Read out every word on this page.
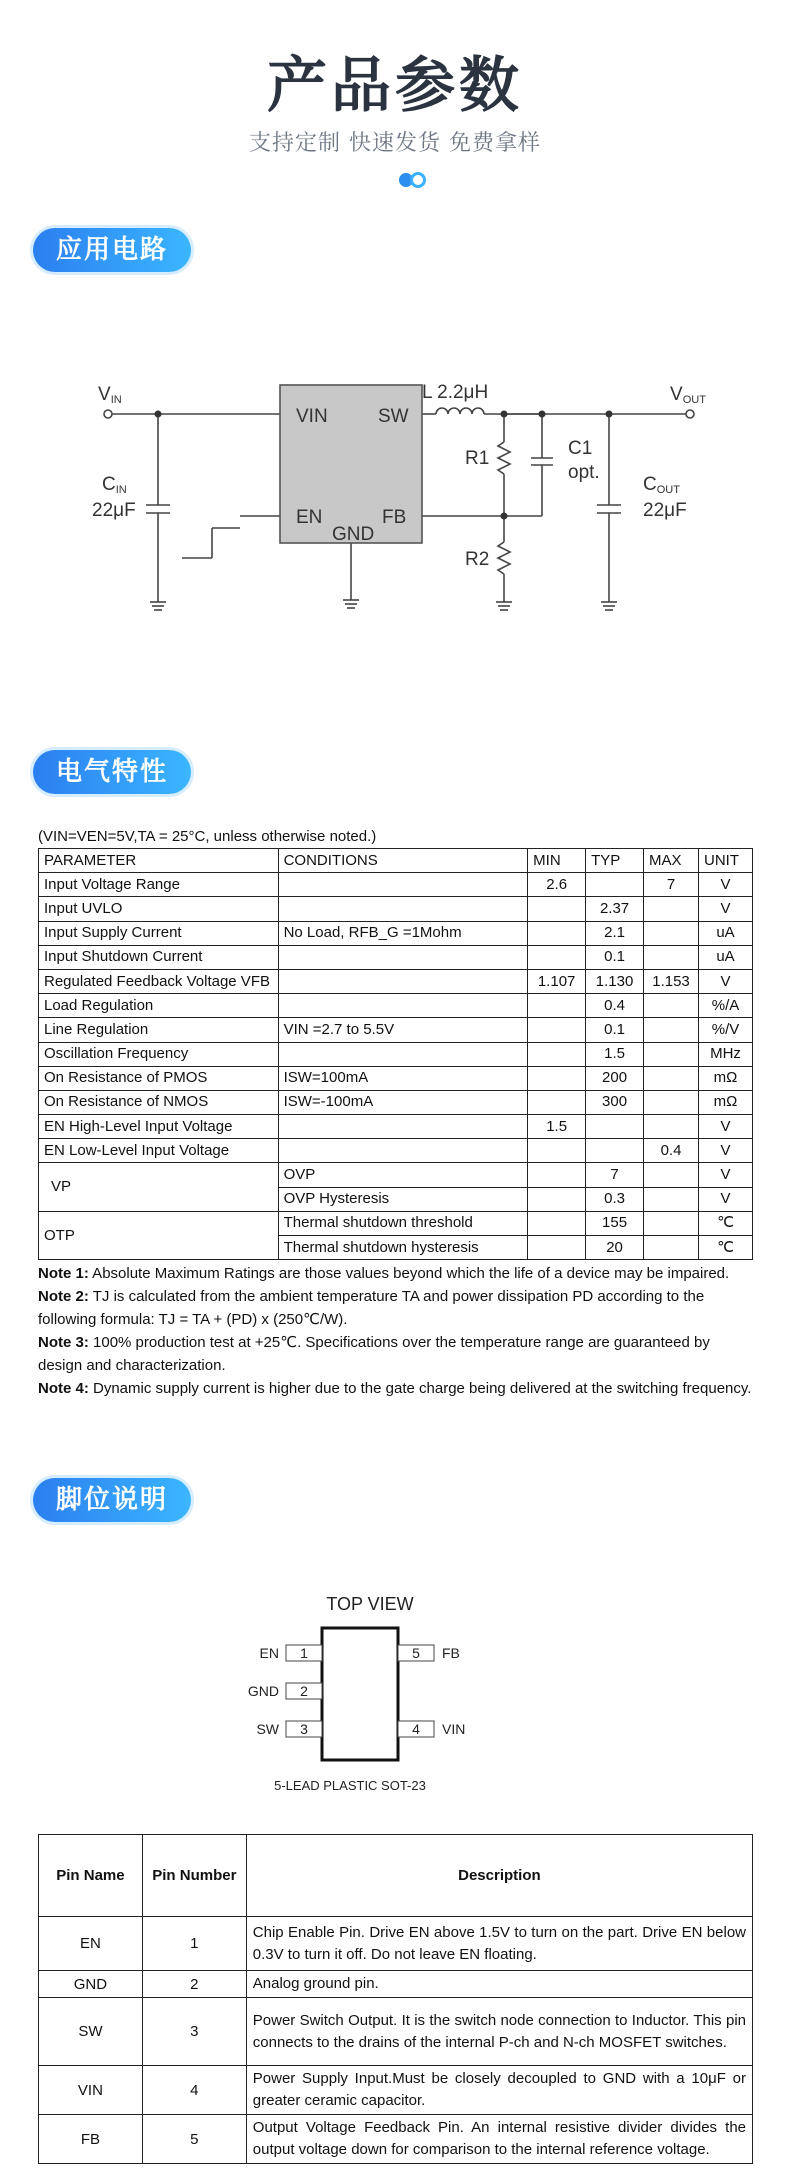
产品参数
支持定制 快速发货 免费拿样
应用电路
VIN	SW
EN	FB
GND
VIN	VOUT
L 2.2μH
CIN
22μF
COUT
22μF
R1
R2
C1
opt.
电气特性
(VIN=VEN=5V,TA = 25°C, unless otherwise noted.)
PARAMETER	CONDITIONS	MIN	TYP	MAX	UNIT
Input Voltage Range		2.6		7	V
Input UVLO			2.37		V
Input Supply Current	No Load, RFB_G =1Mohm		2.1		uA
Input Shutdown Current			0.1		uA
Regulated Feedback Voltage VFB		1.107	1.130	1.153	V
Load Regulation			0.4		%/A
Line Regulation	VIN =2.7 to 5.5V		0.1		%/V
Oscillation Frequency			1.5		MHz
On Resistance of PMOS	ISW=100mA		200		mΩ
On Resistance of NMOS	ISW=-100mA		300		mΩ
EN High-Level Input Voltage		1.5			V
EN Low-Level Input Voltage				0.4	V
VP	OVP		7		V
	OVP Hysteresis		0.3		V
OTP	Thermal shutdown threshold		155		℃
	Thermal shutdown hysteresis		20		℃

Note 1: Absolute Maximum Ratings are those values beyond which the life of a device may be impaired.

Note 2: TJ is calculated from the ambient temperature TA and power dissipation PD according to the following formula: TJ = TA + (PD) x (250℃/W).

Note 3: 100% production test at +25℃. Specifications over the temperature range are guaranteed by design and characterization.

Note 4: Dynamic supply current is higher due to the gate charge being delivered at the switching frequency.

脚位说明
TOP VIEW
EN 1
GND 2
SW 3
FB
5
VIN
4
5-LEAD PLASTIC SOT-23
Pin Name	Pin Number	Description
EN	1	Chip Enable Pin. Drive EN above 1.5V to turn on the part. Drive EN below 0.3V to turn it off. Do not leave EN floating.
GND	2	Analog ground pin.
SW	3	Power Switch Output. It is the switch node connection to Inductor. This pin connects to the drains of the internal P-ch and N-ch MOSFET switches.
VIN	4	Power Supply Input.Must be closely decoupled to GND with a 10μF or greater ceramic capacitor.
FB	5	Output Voltage Feedback Pin. An internal resistive divider divides the output voltage down for comparison to the internal reference voltage.
